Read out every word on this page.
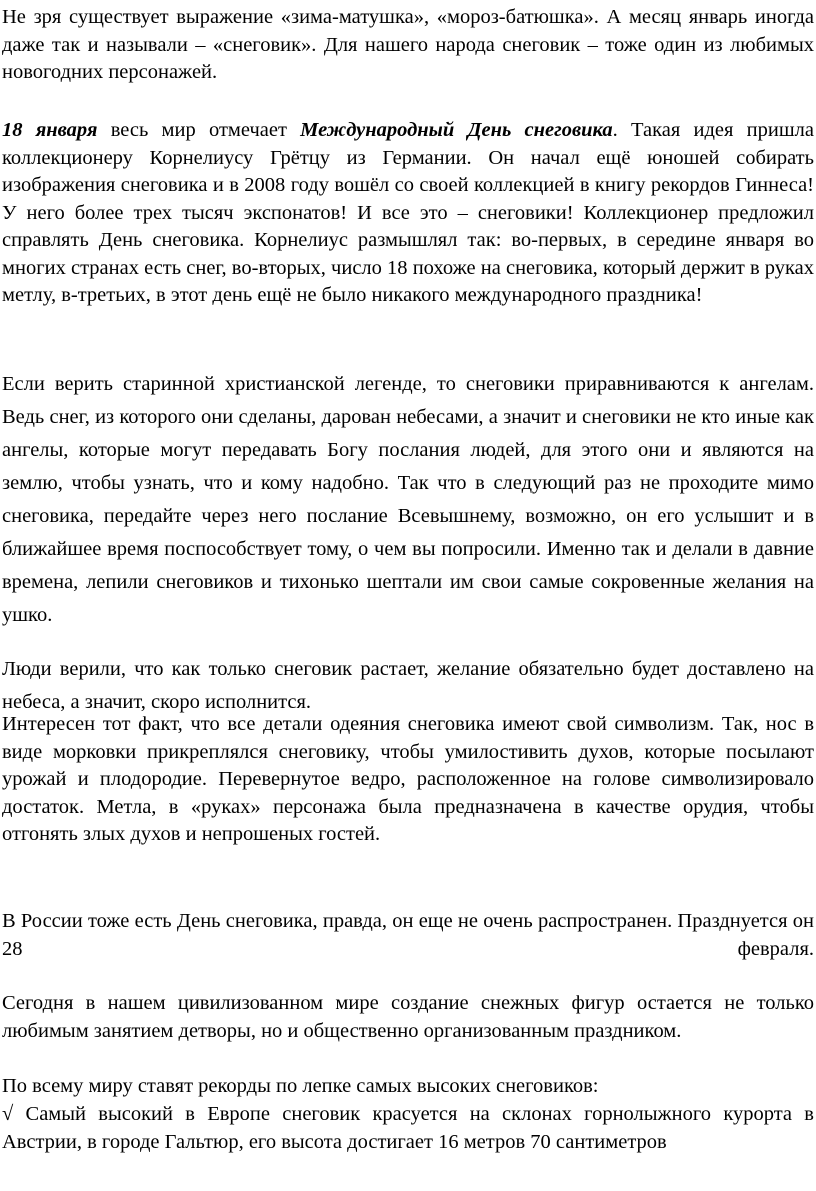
Не зря существует выражение «зима-матушка», «мороз-батюшка». А месяц январь иногда даже так и называли – «снеговик». Для нашего народа снеговик – тоже один из любимых новогодних персонажей.

18 января весь мир отмечает Международный День снеговика. Такая идея пришла коллекционеру Корнелиусу Грётцу из Германии. Он начал ещё юношей собирать изображения снеговика и в 2008 году вошёл со своей коллекцией в книгу рекордов Гиннеса! У него более трех тысяч экспонатов! И все это – снеговики! Коллекционер предложил справлять День снеговика. Корнелиус размышлял так: во-первых, в середине января во многих странах есть снег, во-вторых, число 18 похоже на снеговика, который держит в руках метлу, в-третьих, в этот день ещё не было никакого международного праздника!

Если верить старинной христианской легенде, то снеговики приравниваются к ангелам. Ведь снег, из которого они сделаны, дарован небесами, а значит и снеговики не кто иные как ангелы, которые могут передавать Богу послания людей, для этого они и являются на землю, чтобы узнать, что и кому надобно. Так что в следующий раз не проходите мимо снеговика, передайте через него послание Всевышнему, возможно, он его услышит и в ближайшее время поспособствует тому, о чем вы попросили. Именно так и делали в давние времена, лепили снеговиков и тихонько шептали им свои самые сокровенные желания на ушко.

Люди верили, что как только снеговик растает, желание обязательно будет доставлено на небеса, а значит, скоро исполнится.

Интересен тот факт, что все детали одеяния снеговика имеют свой символизм. Так, нос в виде морковки прикреплялся снеговику, чтобы умилостивить духов, которые посылают урожай и плодородие. Перевернутое ведро, расположенное на голове символизировало достаток. Метла, в «руках» персонажа была предназначена в качестве орудия, чтобы отгонять злых духов и непрошеных гостей.

В России тоже есть День снеговика, правда, он еще не очень распространен. Празднуется он 28 февраля.

Сегодня в нашем цивилизованном мире создание снежных фигур остается не только любимым занятием детворы, но и общественно организованным праздником.

По всему миру ставят рекорды по лепке самых высоких снеговиков:

√ Самый высокий в Европе снеговик красуется на склонах горнолыжного курорта в Австрии, в городе Гальтюр, его высота достигает 16 метров 70 сантиметров
